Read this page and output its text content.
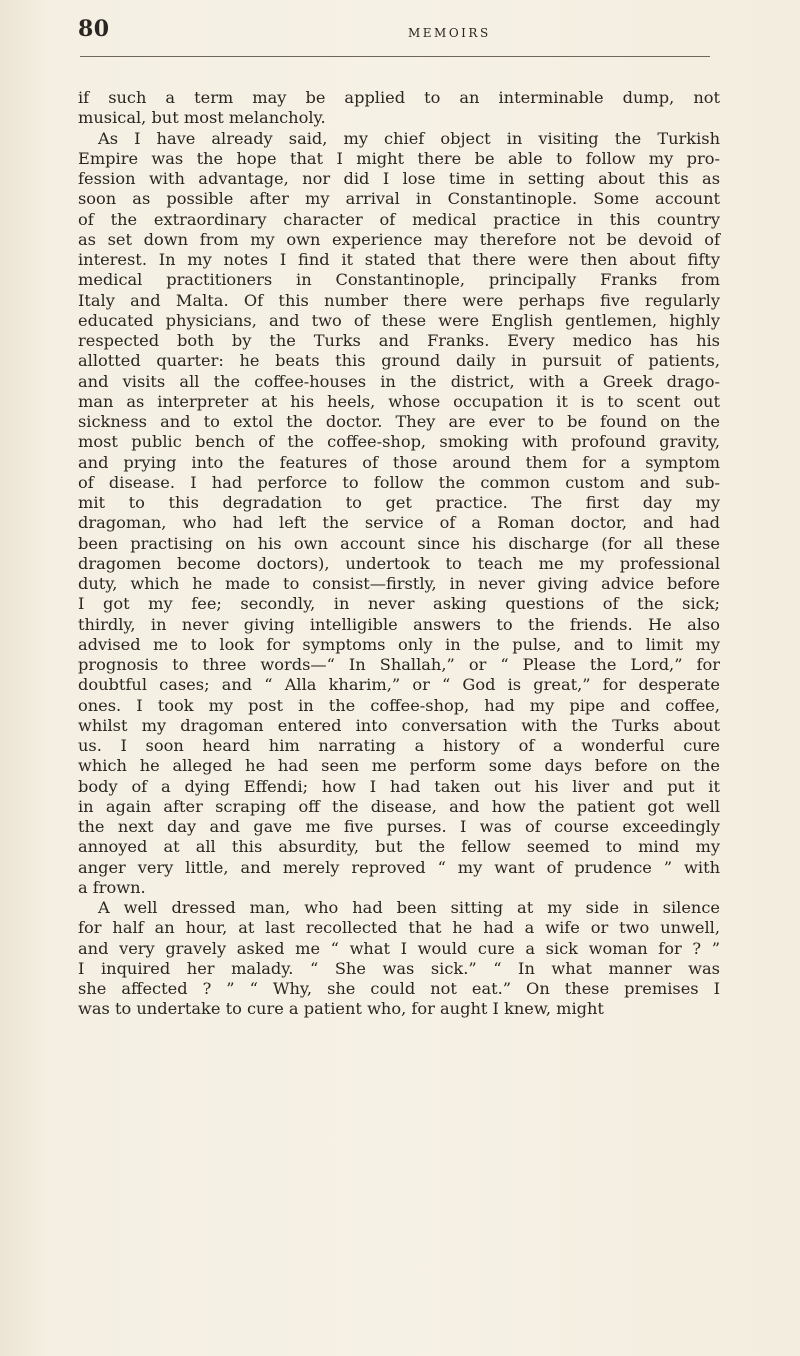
80	MEMOIRS

if such a term may be applied to an interminable dump, not
musical, but most melancholy.

As I have already said, my chief object in visiting the Turkish
Empire was the hope that I might there be able to follow my pro-
fession with advantage, nor did I lose time in setting about this as
soon as possible after my arrival in Constantinople. Some account
of the extraordinary character of medical practice in this country
as set down from my own experience may therefore not be devoid of
interest. In my notes I find it stated that there were then about fifty
medical practitioners in Constantinople, principally Franks from
Italy and Malta. Of this number there were perhaps five regularly
educated physicians, and two of these were English gentlemen, highly
respected both by the Turks and Franks. Every medico has his
allotted quarter: he beats this ground daily in pursuit of patients,
and visits all the coffee-houses in the district, with a Greek drago-
man as interpreter at his heels, whose occupation it is to scent out
sickness and to extol the doctor. They are ever to be found on the
most public bench of the coffee-shop, smoking with profound gravity,
and prying into the features of those around them for a symptom
of disease. I had perforce to follow the common custom and sub-
mit to this degradation to get practice. The first day my
dragoman, who had left the service of a Roman doctor, and had
been practising on his own account since his discharge (for all these
dragomen become doctors), undertook to teach me my professional
duty, which he made to consist—firstly, in never giving advice before
I got my fee; secondly, in never asking questions of the sick;
thirdly, in never giving intelligible answers to the friends. He also
advised me to look for symptoms only in the pulse, and to limit my
prognosis to three words—“ In Shallah,” or “ Please the Lord,” for
doubtful cases; and “ Alla kharim,” or “ God is great,” for desperate
ones. I took my post in the coffee-shop, had my pipe and coffee,
whilst my dragoman entered into conversation with the Turks about
us. I soon heard him narrating a history of a wonderful cure
which he alleged he had seen me perform some days before on the
body of a dying Effendi; how I had taken out his liver and put it
in again after scraping off the disease, and how the patient got well
the next day and gave me five purses. I was of course exceedingly
annoyed at all this absurdity, but the fellow seemed to mind my
anger very little, and merely reproved “ my want of prudence ” with
a frown.

A well dressed man, who had been sitting at my side in silence
for half an hour, at last recollected that he had a wife or two unwell,
and very gravely asked me “ what I would cure a sick woman for ? ”
I inquired her malady. “ She was sick.” “ In what manner was
she affected ? ” “ Why, she could not eat.” On these premises I
was to undertake to cure a patient who, for aught I knew, might
